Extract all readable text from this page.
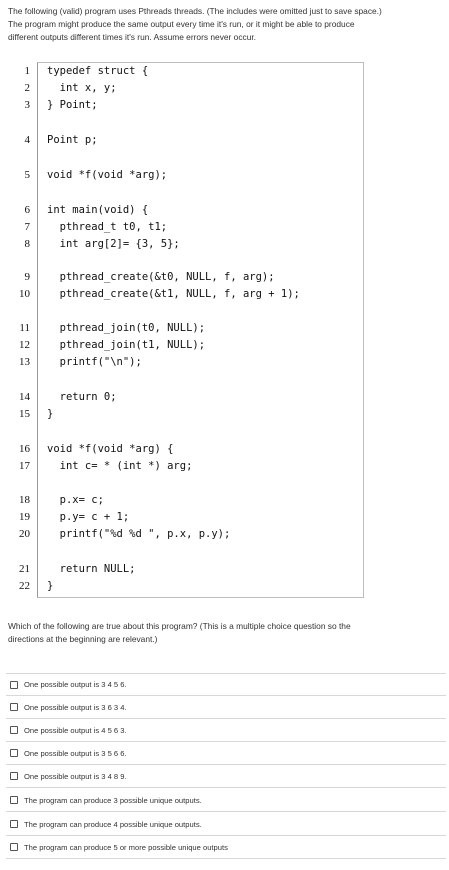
The following (valid) program uses Pthreads threads. (The includes were omitted just to save space.)
The program might produce the same output every time it's run, or it might be able to produce
different outputs different times it's run. Assume errors never occur.
1
2
3
4
5
6
7
8
9
10
11
12
13
14
15
16
17
18
19
20
21
22
typedef struct {
int x, y;
} Point;
Point p;
void *f(void *arg);
int main(void) {
pthread_t t0, t1;
int arg[2]= {3, 5};
pthread_create(&t0, NULL, f, arg);
pthread_create(&t1, NULL, f, arg + 1);
pthread_join(t0, NULL);
pthread_join(t1, NULL);
printf("\n");
return 0;
}
void *f(void *arg) {
int c= * (int *) arg;
p.x= c;
p.y= c + 1;
printf("%d %d ", p.x, p.y);
return NULL;
}
Which of the following are true about this program? (This is a multiple choice question so the
directions at the beginning are relevant.)
One possible output is 3 4 5 6.
One possible output is 3 6 3 4.
One possible output is 4 5 6 3.
One possible output is 3 5 6 6.
One possible output is 3 4 8 9.
The program can produce 3 possible unique outputs.
The program can produce 4 possible unique outputs.
The program can produce 5 or more possible unique outputs
